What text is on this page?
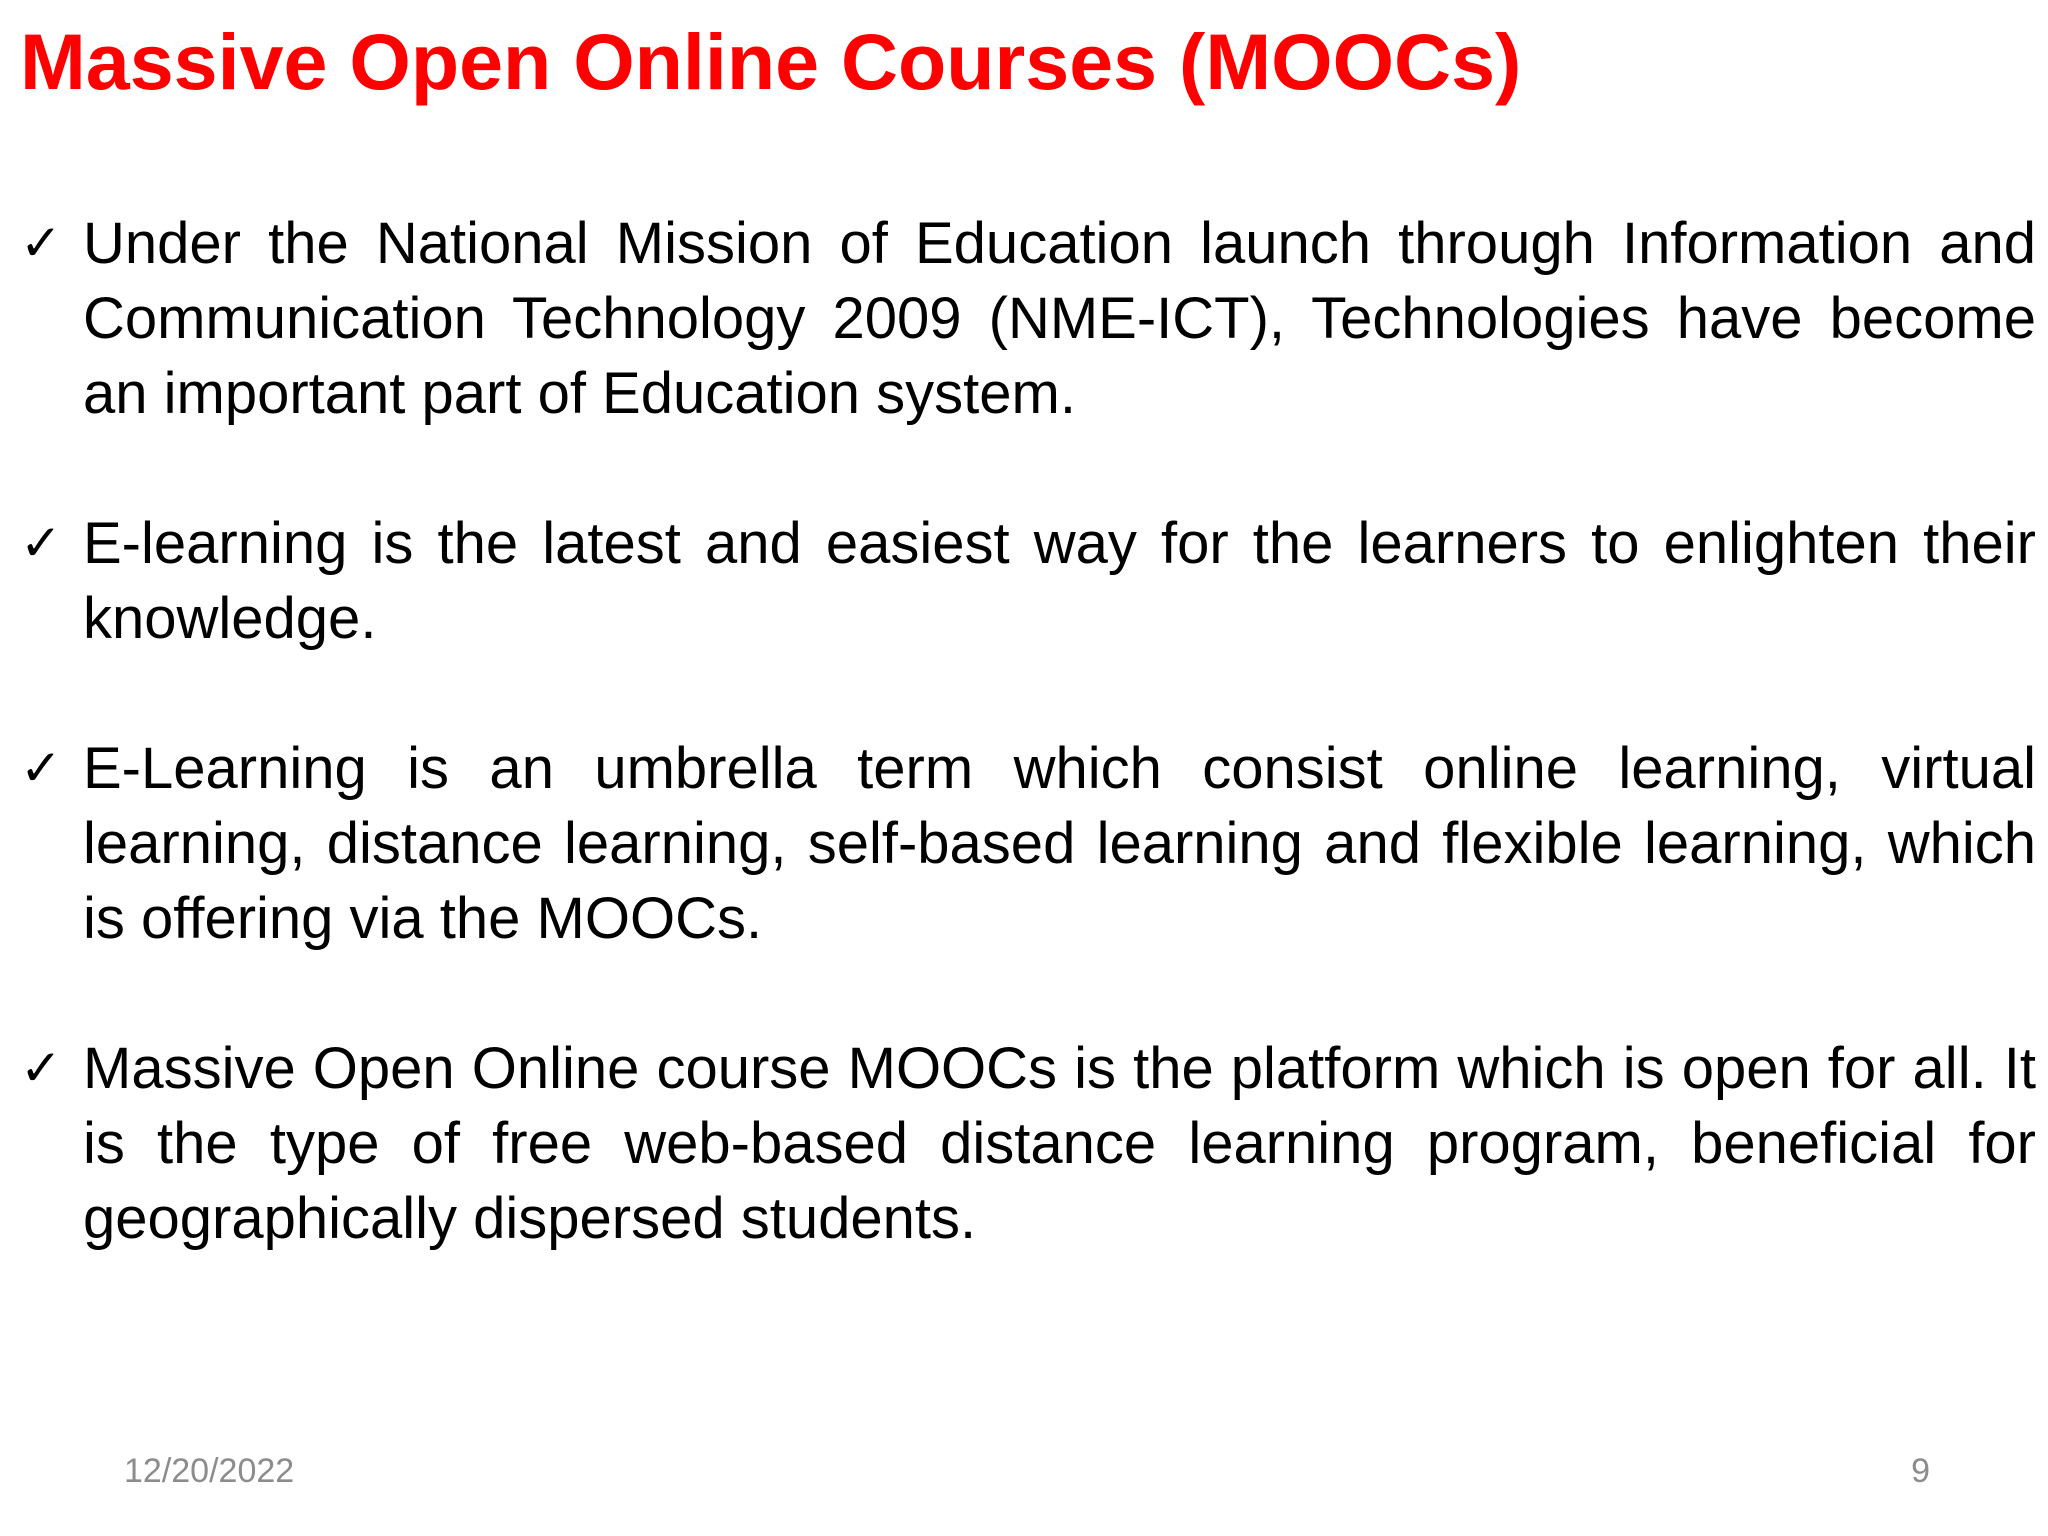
Massive Open Online Courses (MOOCs)
✓ Under the National Mission of Education launch through Information and Communication Technology 2009 (NME-ICT), Technologies have become an important part of Education system.
✓ E-learning is the latest and easiest way for the learners to enlighten their knowledge.
✓ E-Learning is an umbrella term which consist online learning, virtual learning, distance learning, self-based learning and flexible learning, which is offering via the MOOCs.
✓ Massive Open Online course MOOCs is the platform which is open for all. It is the type of free web-based distance learning program, beneficial for geographically dispersed students.
12/20/2022	9
